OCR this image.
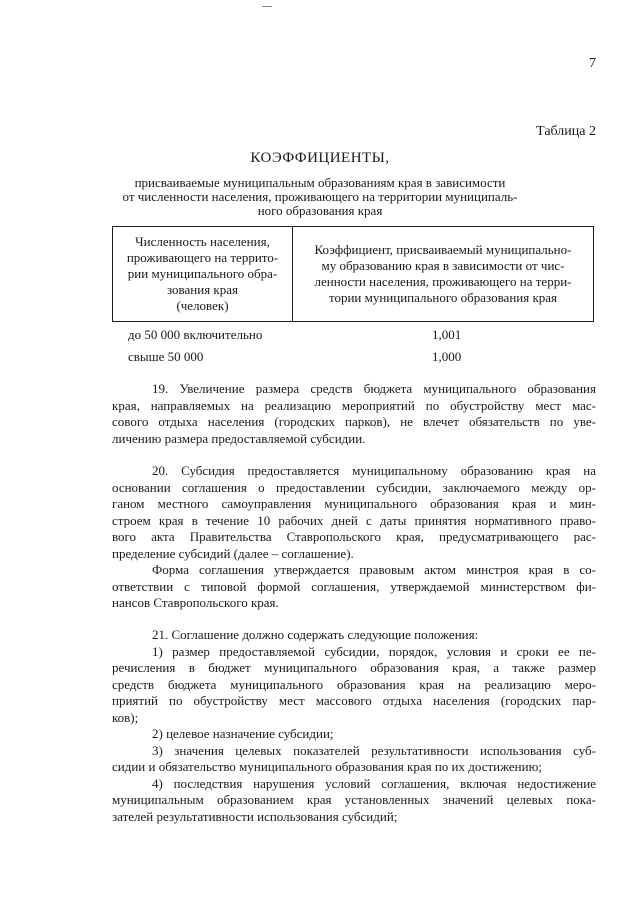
7
Таблица 2
КОЭФФИЦИЕНТЫ,
присваиваемые муниципальным образованиям края в зависимости
от численности населения, проживающего на территории муниципаль-
ного образования края
Численность населения,
проживающего на террито-
рии муниципального обра-
зования края
(человек)
Коэффициент, присваиваемый муниципально-
му образованию края в зависимости от чис-
ленности населения, проживающего на терри-
тории муниципального образования края
до 50 000 включительно	1,001
свыше 50 000	1,000
19. Увеличение размера средств бюджета муниципального образования
края, направляемых на реализацию мероприятий по обустройству мест мас-
сового отдыха населения (городских парков), не влечет обязательств по уве-
личению размера предоставляемой субсидии.
20. Субсидия предоставляется муниципальному образованию края на
основании соглашения о предоставлении субсидии, заключаемого между ор-
ганом местного самоуправления муниципального образования края и мин-
строем края в течение 10 рабочих дней с даты принятия нормативного право-
вого акта Правительства Ставропольского края, предусматривающего рас-
пределение субсидий (далее – соглашение).
Форма соглашения утверждается правовым актом минстроя края в со-
ответствии с типовой формой соглашения, утверждаемой министерством фи-
нансов Ставропольского края.
21. Соглашение должно содержать следующие положения:
1) размер предоставляемой субсидии, порядок, условия и сроки ее пе-
речисления в бюджет муниципального образования края, а также размер
средств бюджета муниципального образования края на реализацию меро-
приятий по обустройству мест массового отдыха населения (городских пар-
ков);
2) целевое назначение субсидии;
3) значения целевых показателей результативности использования суб-
сидии и обязательство муниципального образования края по их достижению;
4) последствия нарушения условий соглашения, включая недостижение
муниципальным образованием края установленных значений целевых пока-
зателей результативности использования субсидий;
